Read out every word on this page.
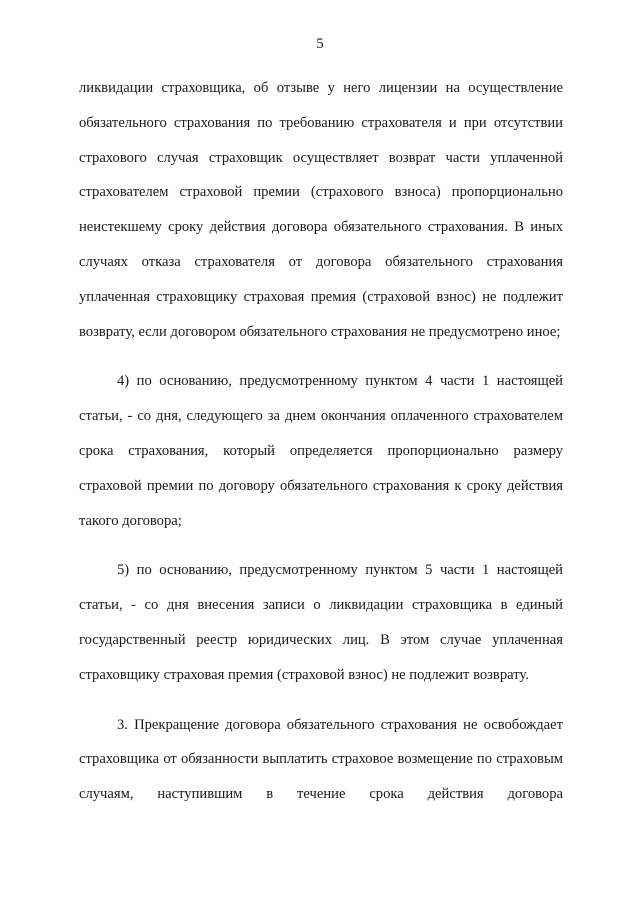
5

ликвидации страховщика, об отзыве у него лицензии на осуществление обязательного страхования по требованию страхователя и при отсутствии страхового случая страховщик осуществляет возврат части уплаченной страхователем страховой премии (страхового взноса) пропорционально неистекшему сроку действия договора обязательного страхования. В иных случаях отказа страхователя от договора обязательного страхования уплаченная страховщику страховая премия (страховой взнос) не подлежит возврату, если договором обязательного страхования не предусмотрено иное;

4) по основанию, предусмотренному пунктом 4 части 1 настоящей статьи, - со дня, следующего за днем окончания оплаченного страхователем срока страхования, который определяется пропорционально размеру страховой премии по договору обязательного страхования к сроку действия такого договора;

5) по основанию, предусмотренному пунктом 5 части 1 настоящей статьи, - со дня внесения записи о ликвидации страховщика в единый государственный реестр юридических лиц. В этом случае уплаченная страховщику страховая премия (страховой взнос) не подлежит возврату.

3. Прекращение договора обязательного страхования не освобождает страховщика от обязанности выплатить страховое возмещение по страховым случаям, наступившим в течение срока действия договора
